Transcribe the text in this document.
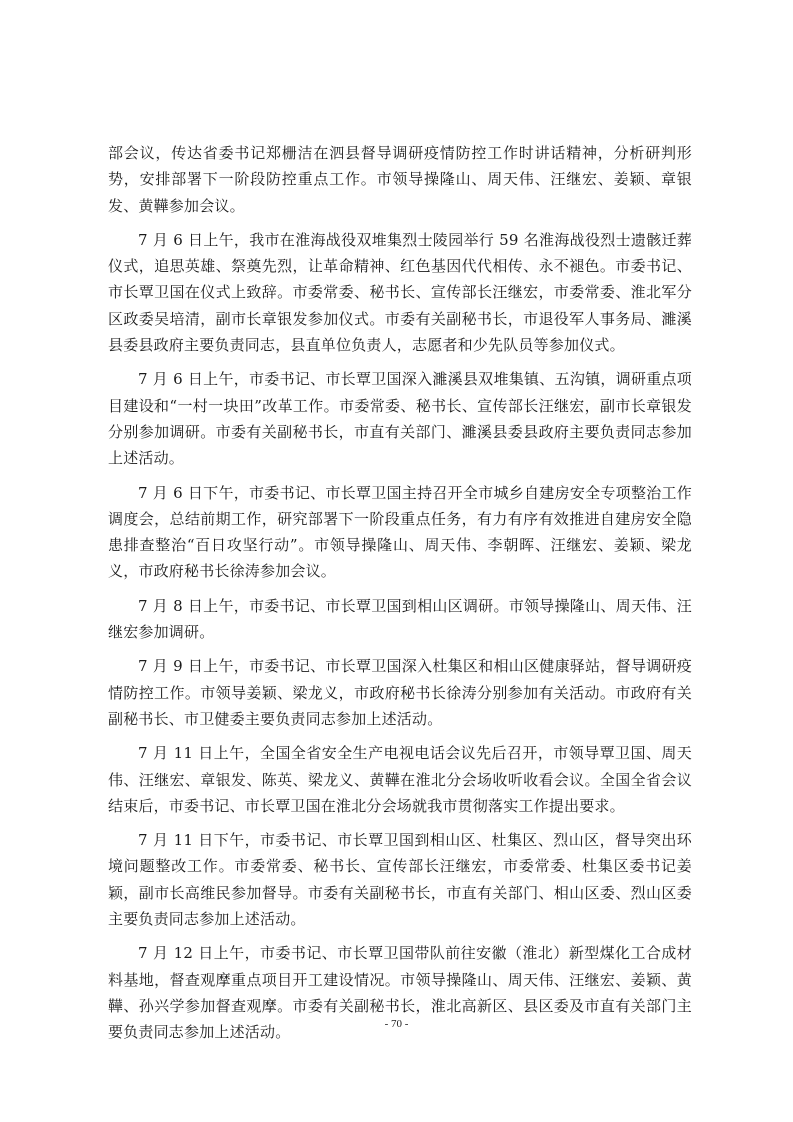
部会议，传达省委书记郑栅洁在泗县督导调研疫情防控工作时讲话精神，分析研判形势，安排部署下一阶段防控重点工作。市领导操隆山、周天伟、汪继宏、姜颖、章银发、黄鞾参加会议。

7 月 6 日上午，我市在淮海战役双堆集烈士陵园举行 59 名淮海战役烈士遗骸迁葬仪式，追思英雄、祭奠先烈，让革命精神、红色基因代代相传、永不褪色。市委书记、市长覃卫国在仪式上致辞。市委常委、秘书长、宣传部长汪继宏，市委常委、淮北军分区政委吴培清，副市长章银发参加仪式。市委有关副秘书长，市退役军人事务局、濉溪县委县政府主要负责同志，县直单位负责人，志愿者和少先队员等参加仪式。

7 月 6 日上午，市委书记、市长覃卫国深入濉溪县双堆集镇、五沟镇，调研重点项目建设和“一村一块田”改革工作。市委常委、秘书长、宣传部长汪继宏，副市长章银发分别参加调研。市委有关副秘书长，市直有关部门、濉溪县委县政府主要负责同志参加上述活动。

7 月 6 日下午，市委书记、市长覃卫国主持召开全市城乡自建房安全专项整治工作调度会，总结前期工作，研究部署下一阶段重点任务，有力有序有效推进自建房安全隐患排查整治“百日攻坚行动”。市领导操隆山、周天伟、李朝晖、汪继宏、姜颖、梁龙义，市政府秘书长徐涛参加会议。

7 月 8 日上午，市委书记、市长覃卫国到相山区调研。市领导操隆山、周天伟、汪继宏参加调研。

7 月 9 日上午，市委书记、市长覃卫国深入杜集区和相山区健康驿站，督导调研疫情防控工作。市领导姜颖、梁龙义，市政府秘书长徐涛分别参加有关活动。市政府有关副秘书长、市卫健委主要负责同志参加上述活动。

7 月 11 日上午，全国全省安全生产电视电话会议先后召开，市领导覃卫国、周天伟、汪继宏、章银发、陈英、梁龙义、黄鞾在淮北分会场收听收看会议。全国全省会议结束后，市委书记、市长覃卫国在淮北分会场就我市贯彻落实工作提出要求。

7 月 11 日下午，市委书记、市长覃卫国到相山区、杜集区、烈山区，督导突出环境问题整改工作。市委常委、秘书长、宣传部长汪继宏，市委常委、杜集区委书记姜颖，副市长高维民参加督导。市委有关副秘书长，市直有关部门、相山区委、烈山区委主要负责同志参加上述活动。

7 月 12 日上午，市委书记、市长覃卫国带队前往安徽（淮北）新型煤化工合成材料基地，督查观摩重点项目开工建设情况。市领导操隆山、周天伟、汪继宏、姜颖、黄鞾、孙兴学参加督查观摩。市委有关副秘书长，淮北高新区、县区委及市直有关部门主要负责同志参加上述活动。	- 70 -
